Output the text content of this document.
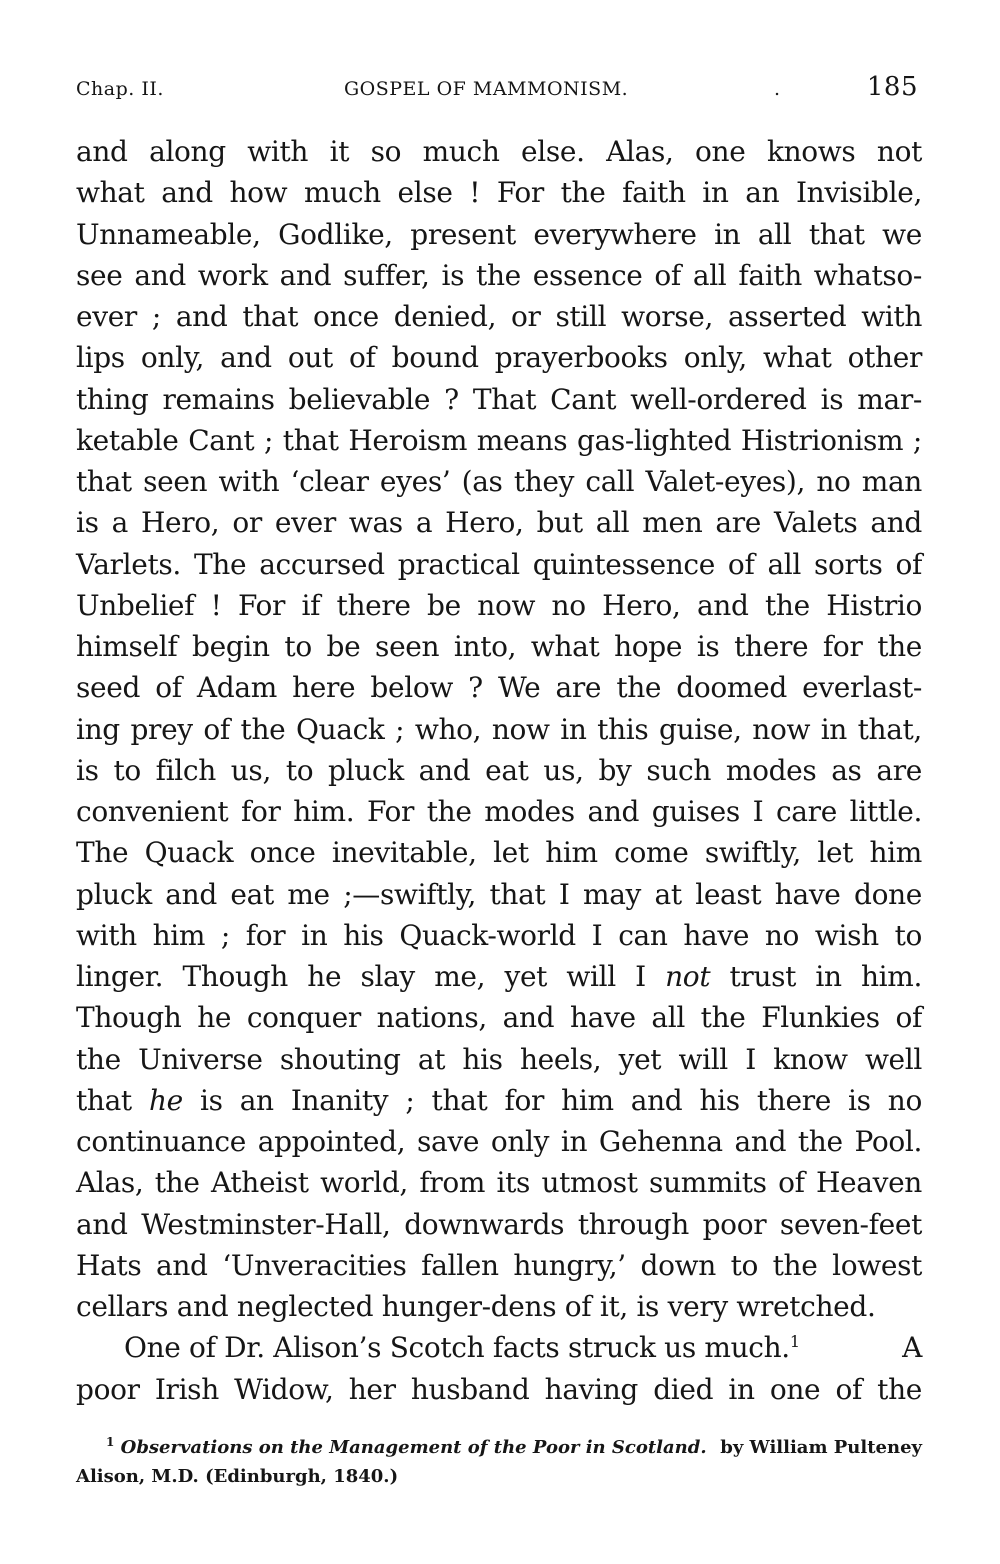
Chap. II.	GOSPEL OF MAMMONISM.	.	185
and along with it so much else. Alas, one knows not
what and how much else ! For the faith in an Invisible,
Unnameable, Godlike, present everywhere in all that we
see and work and suffer, is the essence of all faith whatso-
ever ; and that once denied, or still worse, asserted with
lips only, and out of bound prayerbooks only, what other
thing remains believable ? That Cant well-ordered is mar-
ketable Cant ; that Heroism means gas-lighted Histrionism ;
that seen with ‘clear eyes’ (as they call Valet-eyes), no man
is a Hero, or ever was a Hero, but all men are Valets and
Varlets. The accursed practical quintessence of all sorts of
Unbelief ! For if there be now no Hero, and the Histrio
himself begin to be seen into, what hope is there for the
seed of Adam here below ? We are the doomed everlast-
ing prey of the Quack ; who, now in this guise, now in that,
is to filch us, to pluck and eat us, by such modes as are
convenient for him. For the modes and guises I care little.
The Quack once inevitable, let him come swiftly, let him
pluck and eat me ;—swiftly, that I may at least have done
with him ; for in his Quack-world I can have no wish to
linger. Though he slay me, yet will I not trust in him.
Though he conquer nations, and have all the Flunkies of
the Universe shouting at his heels, yet will I know well
that he is an Inanity ; that for him and his there is no
continuance appointed, save only in Gehenna and the Pool.
Alas, the Atheist world, from its utmost summits of Heaven
and Westminster-Hall, downwards through poor seven-feet
Hats and ‘Unveracities fallen hungry,’ down to the lowest
cellars and neglected hunger-dens of it, is very wretched.
One of Dr. Alison’s Scotch facts struck us much.$^1$	A
poor Irish Widow, her husband having died in one of the
$^1$ Observations on the Management of the Poor in Scotland. by William Pulteney
Alison, M.D. (Edinburgh, 1840.)
